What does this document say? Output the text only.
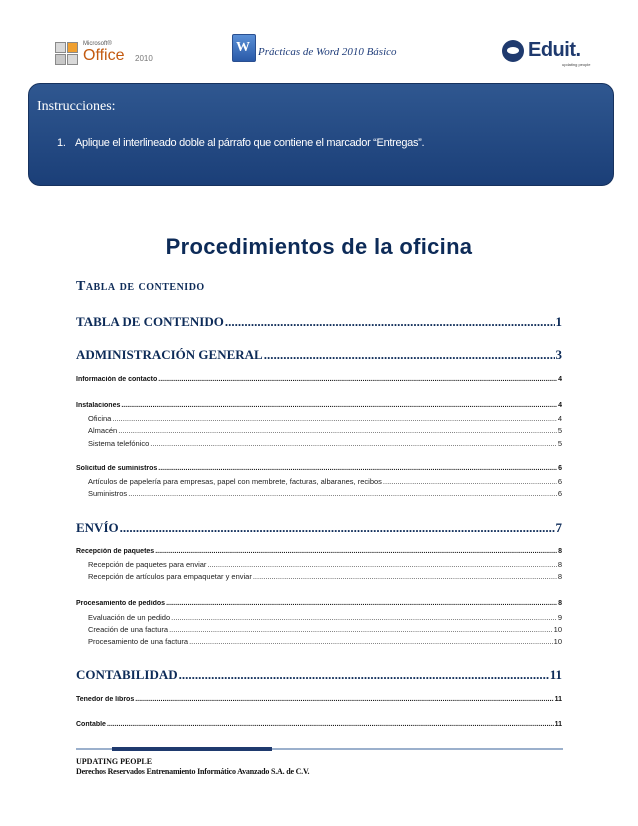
Microsoft®
Office 2010
W Prácticas de Word 2010 Básico	Eduit.
updating people
Instrucciones:
1. Aplique el interlineado doble al párrafo que contiene el marcador “Entregas”.
Procedimientos de la oficina
Tabla de contenido
TABLA DE CONTENIDO .....	1
ADMINISTRACIÓN GENERAL .....	3
Información de contacto .....	4
Instalaciones .....	4
Oficina .....	4
Almacén .....	5
Sistema telefónico .....	5
Solicitud de suministros .....	6
Artículos de papelería para empresas, papel con membrete, facturas, albaranes, recibos .....	6
Suministros .....	6
ENVÍO .....	7
Recepción de paquetes .....	8
Recepción de paquetes para enviar .....	8
Recepción de artículos para empaquetar y enviar .....	8
Procesamiento de pedidos .....	8
Evaluación de un pedido .....	9
Creación de una factura .....	10
Procesamiento de una factura .....	10
CONTABILIDAD .....	11
Tenedor de libros .....	11
Contable .....	11
UPDATING PEOPLE
Derechos Reservados Entrenamiento Informático Avanzado S.A. de C.V.
